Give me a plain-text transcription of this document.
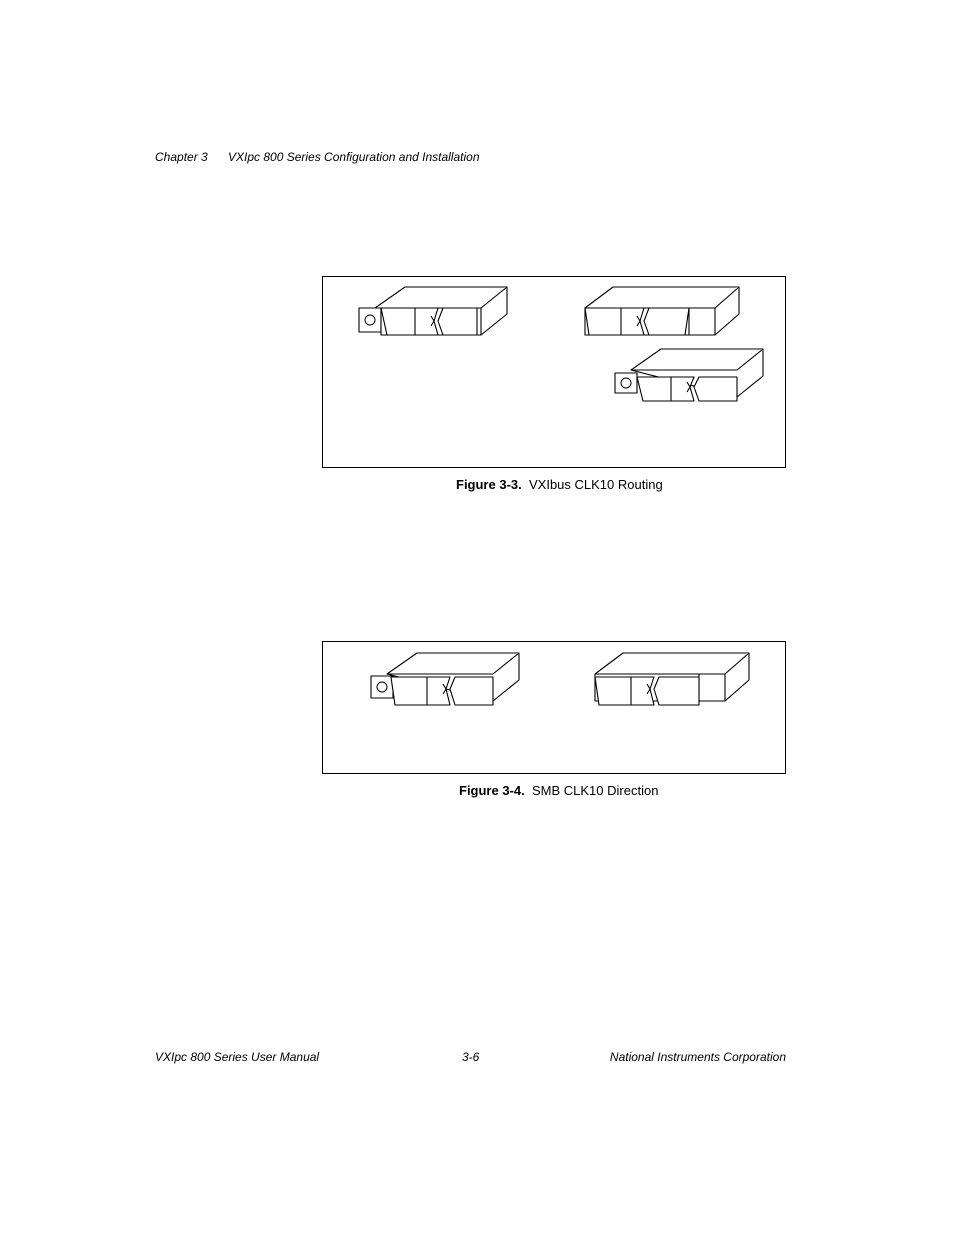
Chapter 3 VXIpc 800 Series Configuration and Installation
Figure 3-3. VXIbus CLK10 Routing
Figure 3-4. SMB CLK10 Direction
VXIpc 800 Series User Manual	3-6	National Instruments Corporation
